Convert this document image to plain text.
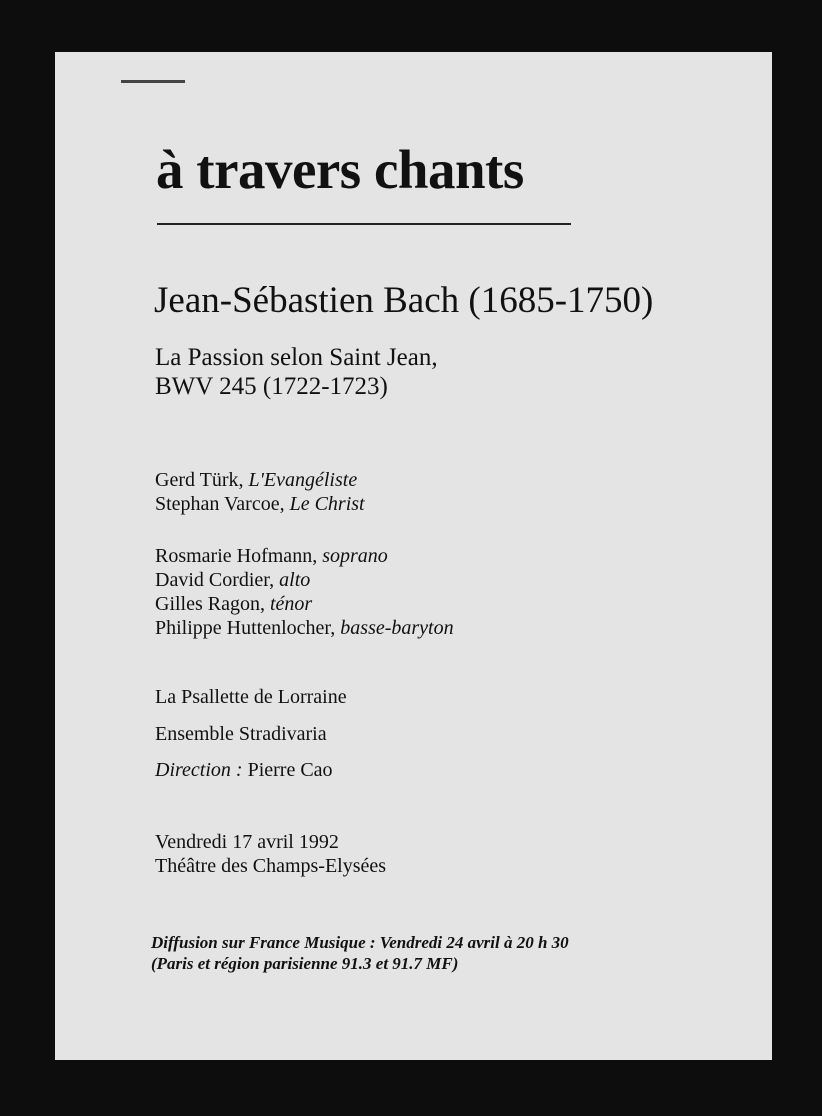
à travers chants
Jean-Sébastien Bach (1685-1750)
La Passion selon Saint Jean,
BWV 245 (1722-1723)
Gerd Türk, L'Evangéliste
Stephan Varcoe, Le Christ
Rosmarie Hofmann, soprano
David Cordier, alto
Gilles Ragon, ténor
Philippe Huttenlocher, basse-baryton
La Psallette de Lorraine
Ensemble Stradivaria
Direction : Pierre Cao
Vendredi 17 avril 1992
Théâtre des Champs-Elysées
Diffusion sur France Musique : Vendredi 24 avril à 20 h 30
(Paris et région parisienne 91.3 et 91.7 MF)
